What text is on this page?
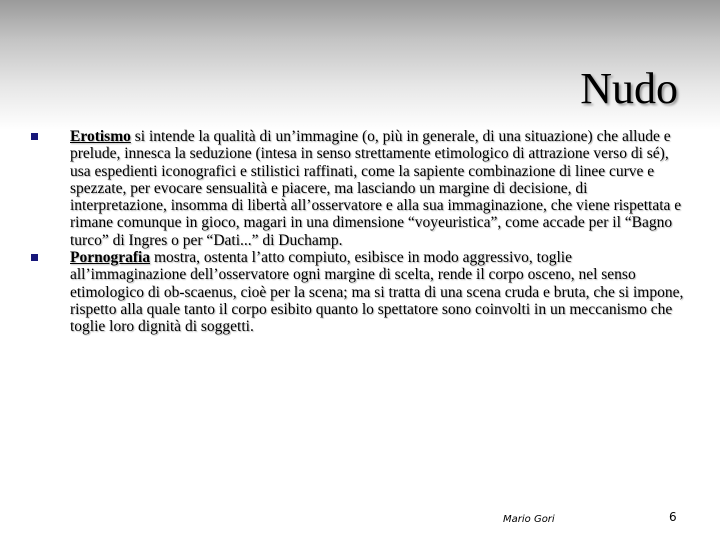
Nudo
Erotismo si intende la qualità di un’immagine (o, più in generale, di una situazione) che allude e prelude, innesca la seduzione (intesa in senso strettamente etimologico di attrazione verso di sé), usa espedienti iconografici e stilistici raffinati, come la sapiente combinazione di linee curve e spezzate, per evocare sensualità e piacere, ma lasciando un margine di decisione, di interpretazione, insomma di libertà all’osservatore e alla sua immaginazione, che viene rispettata e rimane comunque in gioco, magari in una dimensione “voyeuristica”, come accade per il “Bagno turco” di Ingres o per “Dati...” di Duchamp.
Pornografia mostra, ostenta l’atto compiuto, esibisce in modo aggressivo, toglie all’immaginazione dell’osservatore ogni margine di scelta, rende il corpo osceno, nel senso etimologico di ob-scaenus, cioè per la scena; ma si tratta di una scena cruda e bruta, che si impone, rispetto alla quale tanto il corpo esibito quanto lo spettatore sono coinvolti in un meccanismo che toglie loro dignità di soggetti.
Mario Gori	6
